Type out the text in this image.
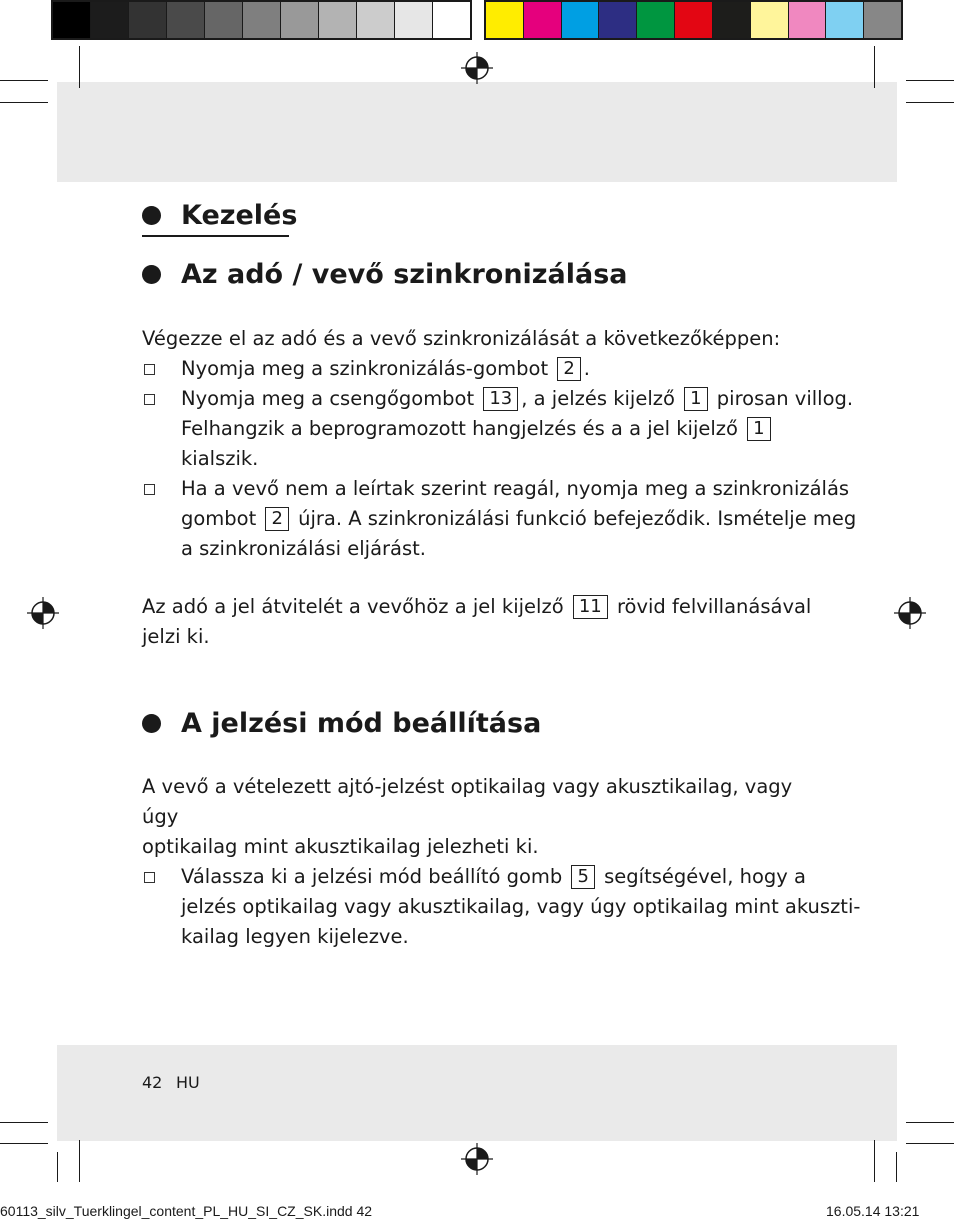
Kezelés
Az adó / vevő szinkronizálása
Végezze el az adó és a vevő szinkronizálását a következőképpen:
Nyomja meg a szinkronizálás-gombot 2 .
Nyomja meg a csengőgombot 13 , a jelzés kijelző 1 pirosan villog.
Felhangzik a beprogramozott hangjelzés és a a jel kijelző 1
kialszik.
Ha a vevő nem a leírtak szerint reagál, nyomja meg a szinkronizálás
gombot 2 újra. A szinkronizálási funkció befejeződik. Ismételje meg
a szinkronizálási eljárást.
Az adó a jel átvitelét a vevőhöz a jel kijelző 11 rövid felvillanásával
jelzi ki.
A jelzési mód beállítása
A vevő a vételezett ajtó-jelzést optikailag vagy akusztikailag, vagy úgy
optikailag mint akusztikailag jelezheti ki.
Válassza ki a jelzési mód beállító gomb 5 segítségével, hogy a
jelzés optikailag vagy akusztikailag, vagy úgy optikailag mint akuszti-
kailag legyen kijelezve.
42 HU
60113_silv_Tuerklingel_content_PL_HU_SI_CZ_SK.indd 42	16.05.14 13:21
